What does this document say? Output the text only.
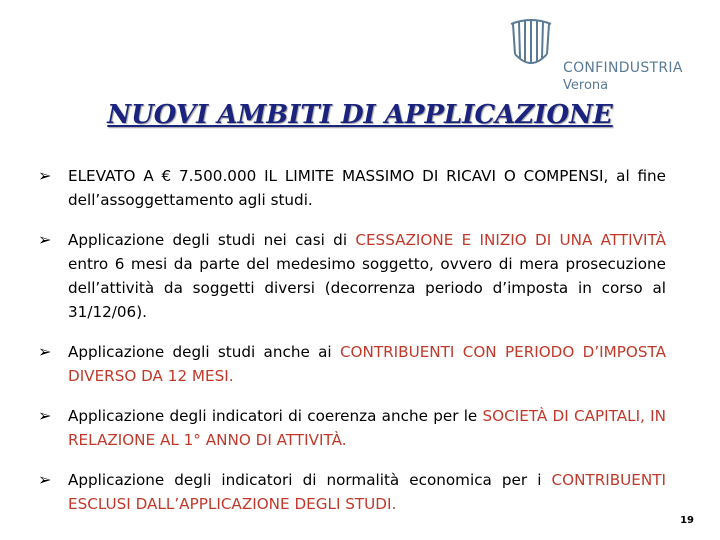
CONFINDUSTRIA
Verona
NUOVI AMBITI DI APPLICAZIONE
➢	ELEVATO A € 7.500.000 IL LIMITE MASSIMO DI RICAVI O COMPENSI, al fine dell’assoggettamento agli studi.
➢	Applicazione degli studi nei casi di CESSAZIONE E INIZIO DI UNA ATTIVITÀ entro 6 mesi da parte del medesimo soggetto, ovvero di mera prosecuzione dell’attività da soggetti diversi (decorrenza periodo d’imposta in corso al 31/12/06).
➢	Applicazione degli studi anche ai CONTRIBUENTI CON PERIODO D’IMPOSTA DIVERSO DA 12 MESI.
➢	Applicazione degli indicatori di coerenza anche per le SOCIETÀ DI CAPITALI, IN RELAZIONE AL 1° ANNO DI ATTIVITÀ.
➢	Applicazione degli indicatori di normalità economica per i CONTRIBUENTI ESCLUSI DALL’APPLICAZIONE DEGLI STUDI.
19
